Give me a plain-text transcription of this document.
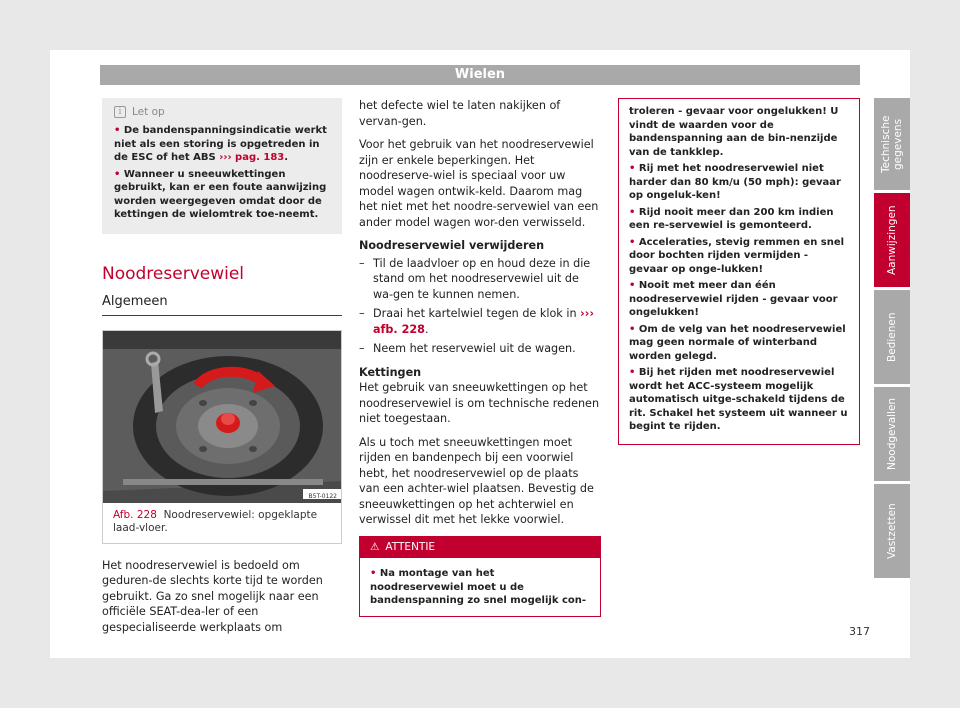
Wielen
i	Let op
• De bandenspanningsindicatie werkt niet als een storing is opgetreden in de ESC of het ABS ››› pag. 183.
• Wanneer u sneeuwkettingen gebruikt, kan er een foute aanwijzing worden weergegeven omdat door de kettingen de wielomtrek toe-neemt.
Noodreservewiel
Algemeen
B5T-0122
Afb. 228 Noodreservewiel: opgeklapte laad-vloer.
Het noodreservewiel is bedoeld om geduren-de slechts korte tijd te worden gebruikt. Ga zo snel mogelijk naar een officiële SEAT-dea-ler of een gespecialiseerde werkplaats om

het defecte wiel te laten nakijken of vervan-gen.

Voor het gebruik van het noodreservewiel zijn er enkele beperkingen. Het noodreserve-wiel is speciaal voor uw model wagen ontwik-keld. Daarom mag het niet met het noodre-servewiel van een ander model wagen wor-den verwisseld.

Noodreservewiel verwijderen

– Til de laadvloer op en houd deze in die stand om het noodreservewiel uit de wa-gen te kunnen nemen.
– Draai het kartelwiel tegen de klok in ››› afb. 228.
– Neem het reservewiel uit de wagen.

Kettingen

Het gebruik van sneeuwkettingen op het noodreservewiel is om technische redenen niet toegestaan.

Als u toch met sneeuwkettingen moet rijden en bandenpech bij een voorwiel hebt, het noodreservewiel op de plaats van een achter-wiel plaatsen. Bevestig de sneeuwkettingen op het achterwiel en verwissel dit met het lekke voorwiel.

⚠ ATTENTIE
• Na montage van het noodreservewiel moet u de bandenspanning zo snel mogelijk con-
troleren - gevaar voor ongelukken! U vindt de waarden voor de bandenspanning aan de bin-nenzijde van de tankklep.
• Rij met het noodreservewiel niet harder dan 80 km/u (50 mph): gevaar op ongeluk-ken!
• Rijd nooit meer dan 200 km indien een re-servewiel is gemonteerd.
• Acceleraties, stevig remmen en snel door bochten rijden vermijden - gevaar op onge-lukken!
• Nooit met meer dan één noodreservewiel rijden - gevaar voor ongelukken!
• Om de velg van het noodreservewiel mag geen normale of winterband worden gelegd.
• Bij het rijden met noodreservewiel wordt het ACC-systeem mogelijk automatisch uitge-schakeld tijdens de rit. Schakel het systeem uit wanneer u begint te rijden.
Technische gegevens
Aanwijzingen
Bedienen
Noodgevallen
Vastzetten
317
